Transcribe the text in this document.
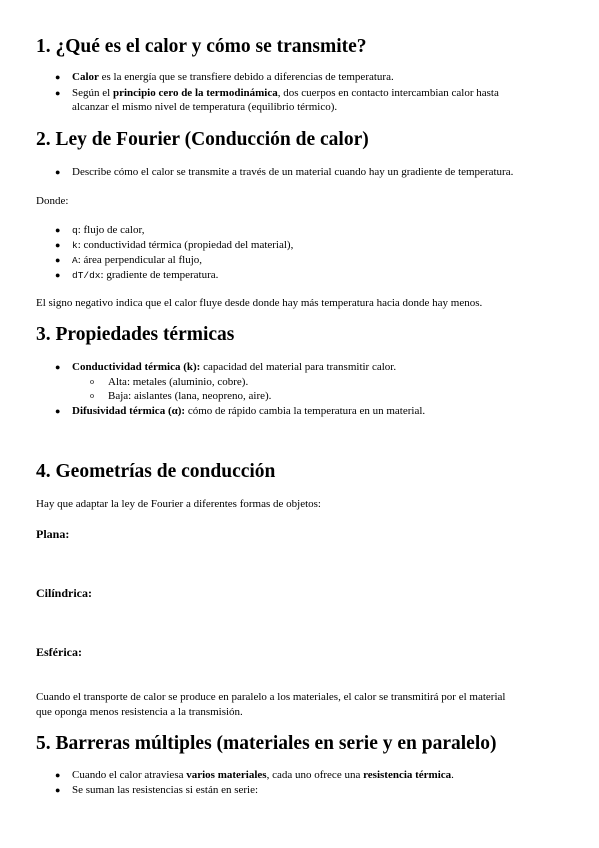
1. ¿Qué es el calor y cómo se transmite?
● Calor es la energía que se transfiere debido a diferencias de temperatura.
● Según el principio cero de la termodinámica, dos cuerpos en contacto intercambian calor hasta
alcanzar el mismo nivel de temperatura (equilibrio térmico).
2. Ley de Fourier (Conducción de calor)
● Describe cómo el calor se transmite a través de un material cuando hay un gradiente de temperatura.
Donde:
● q: flujo de calor,
● k: conductividad térmica (propiedad del material),
● A: área perpendicular al flujo,
● dT/dx: gradiente de temperatura.
El signo negativo indica que el calor fluye desde donde hay más temperatura hacia donde hay menos.
3. Propiedades térmicas
● Conductividad térmica (k): capacidad del material para transmitir calor.
o Alta: metales (aluminio, cobre).
o Baja: aislantes (lana, neopreno, aire).
● Difusividad térmica (α): cómo de rápido cambia la temperatura en un material.
4. Geometrías de conducción
Hay que adaptar la ley de Fourier a diferentes formas de objetos:
Plana:
Cilíndrica:
Esférica:
Cuando el transporte de calor se produce en paralelo a los materiales, el calor se transmitirá por el material
que oponga menos resistencia a la transmisión.
5. Barreras múltiples (materiales en serie y en paralelo)
● Cuando el calor atraviesa varios materiales, cada uno ofrece una resistencia térmica.
● Se suman las resistencias si están en serie:
